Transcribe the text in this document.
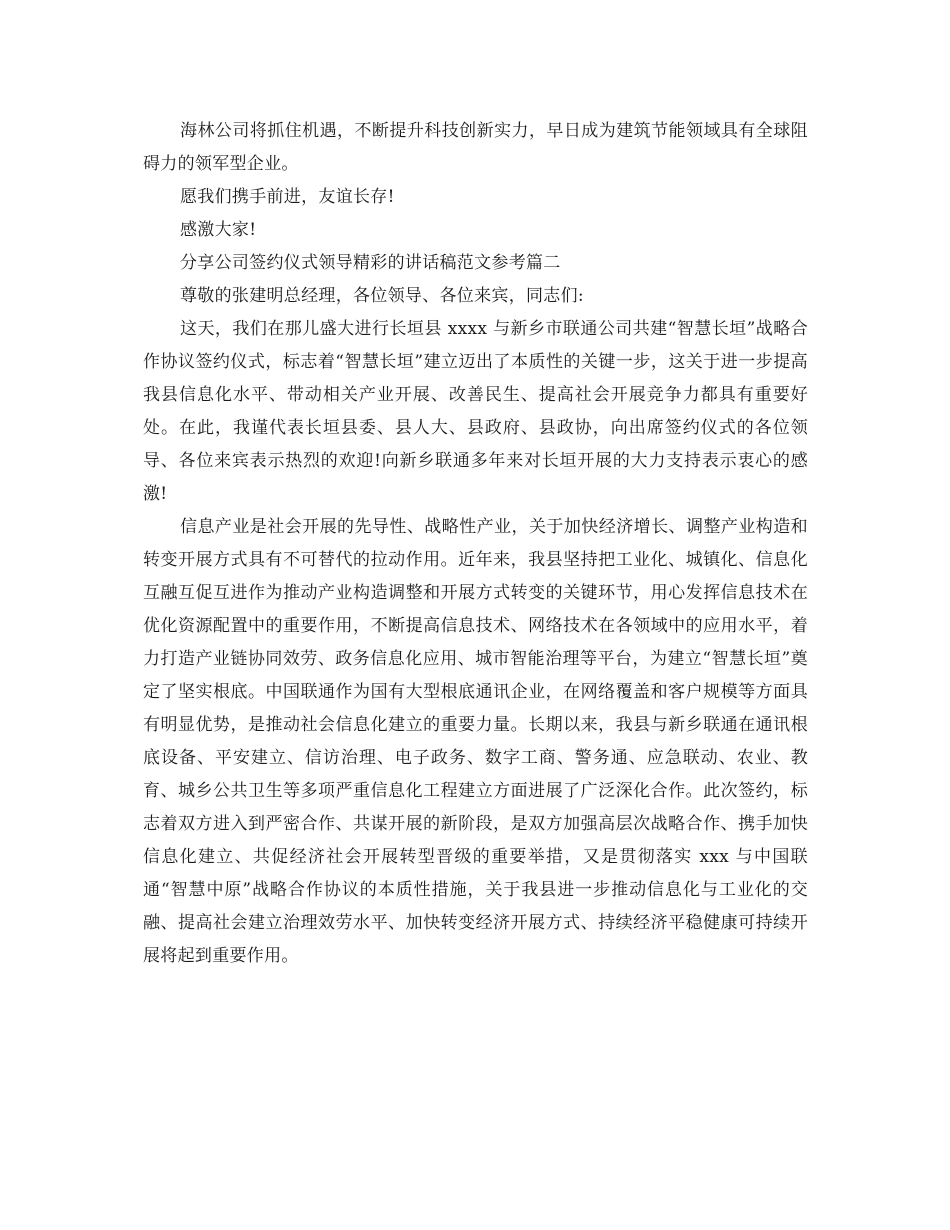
海林公司将抓住机遇，不断提升科技创新实力，早日成为建筑节能领域具有全球阻碍力的领军型企业。

愿我们携手前进，友谊长存!

感激大家!

分享公司签约仪式领导精彩的讲话稿范文参考篇二

尊敬的张建明总经理，各位领导、各位来宾，同志们:

这天，我们在那儿盛大进行长垣县 xxxx 与新乡市联通公司共建“智慧长垣”战略合作协议签约仪式，标志着“智慧长垣”建立迈出了本质性的关键一步，这关于进一步提高我县信息化水平、带动相关产业开展、改善民生、提高社会开展竞争力都具有重要好处。在此，我谨代表长垣县委、县人大、县政府、县政协，向出席签约仪式的各位领导、各位来宾表示热烈的欢迎!向新乡联通多年来对长垣开展的大力支持表示衷心的感激!

信息产业是社会开展的先导性、战略性产业，关于加快经济增长、调整产业构造和转变开展方式具有不可替代的拉动作用。近年来，我县坚持把工业化、城镇化、信息化互融互促互进作为推动产业构造调整和开展方式转变的关键环节，用心发挥信息技术在优化资源配置中的重要作用，不断提高信息技术、网络技术在各领域中的应用水平，着力打造产业链协同效劳、政务信息化应用、城市智能治理等平台，为建立“智慧长垣”奠定了坚实根底。中国联通作为国有大型根底通讯企业，在网络覆盖和客户规模等方面具有明显优势，是推动社会信息化建立的重要力量。长期以来，我县与新乡联通在通讯根底设备、平安建立、信访治理、电子政务、数字工商、警务通、应急联动、农业、教育、城乡公共卫生等多项严重信息化工程建立方面进展了广泛深化合作。此次签约，标志着双方进入到严密合作、共谋开展的新阶段，是双方加强高层次战略合作、携手加快信息化建立、共促经济社会开展转型晋级的重要举措，又是贯彻落实 xxx 与中国联通“智慧中原”战略合作协议的本质性措施，关于我县进一步推动信息化与工业化的交融、提高社会建立治理效劳水平、加快转变经济开展方式、持续经济平稳健康可持续开展将起到重要作用。
